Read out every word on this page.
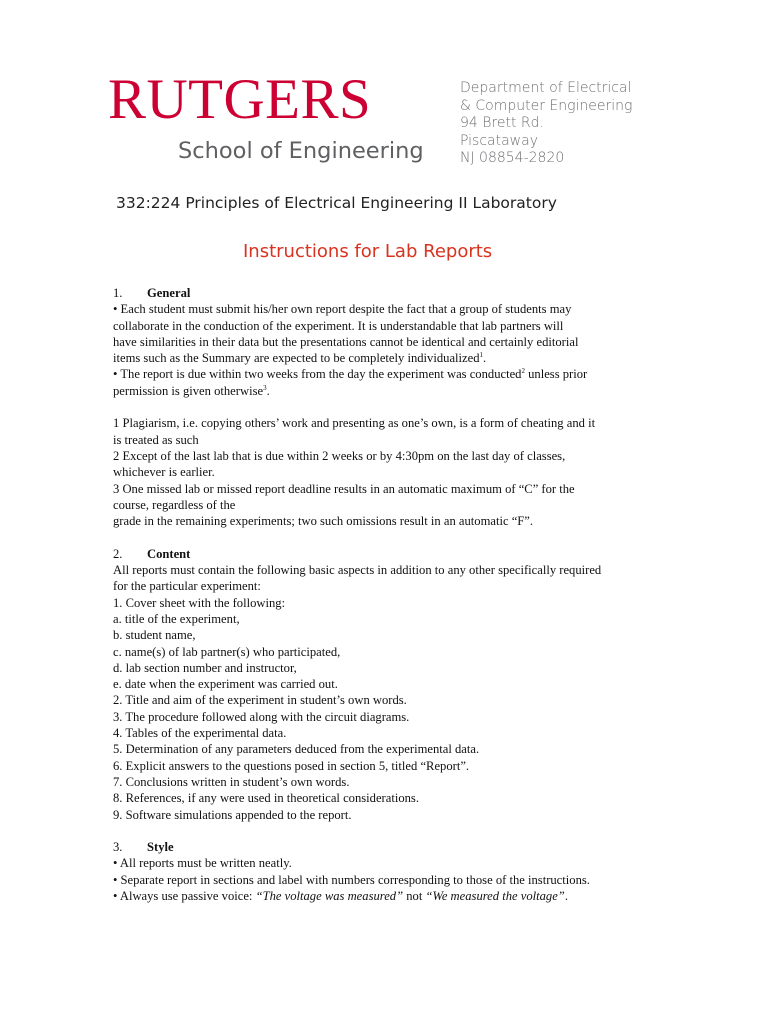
RUTGERS
School of Engineering
Department of Electrical
& Computer Engineering
94 Brett Rd.
Piscataway
NJ 08854-2820
332:224 Principles of Electrical Engineering II Laboratory
Instructions for Lab Reports
1. General
• Each student must submit his/her own report despite the fact that a group of students may
collaborate in the conduction of the experiment. It is understandable that lab partners will
have similarities in their data but the presentations cannot be identical and certainly editorial
items such as the Summary are expected to be completely individualized$^1$.
• The report is due within two weeks from the day the experiment was conducted$^2$ unless prior
permission is given otherwise$^3$.
1 Plagiarism, i.e. copying others’ work and presenting as one’s own, is a form of cheating and it
is treated as such
2 Except of the last lab that is due within 2 weeks or by 4:30pm on the last day of classes,
whichever is earlier.
3 One missed lab or missed report deadline results in an automatic maximum of “C” for the
course, regardless of the
grade in the remaining experiments; two such omissions result in an automatic “F”.
2. Content
All reports must contain the following basic aspects in addition to any other specifically required
for the particular experiment:
1. Cover sheet with the following:
a. title of the experiment,
b. student name,
c. name(s) of lab partner(s) who participated,
d. lab section number and instructor,
e. date when the experiment was carried out.
2. Title and aim of the experiment in student’s own words.
3. The procedure followed along with the circuit diagrams.
4. Tables of the experimental data.
5. Determination of any parameters deduced from the experimental data.
6. Explicit answers to the questions posed in section 5, titled “Report”.
7. Conclusions written in student’s own words.
8. References, if any were used in theoretical considerations.
9. Software simulations appended to the report.
3. Style
• All reports must be written neatly.
• Separate report in sections and label with numbers corresponding to those of the instructions.
• Always use passive voice: “The voltage was measured” not “We measured the voltage”.
